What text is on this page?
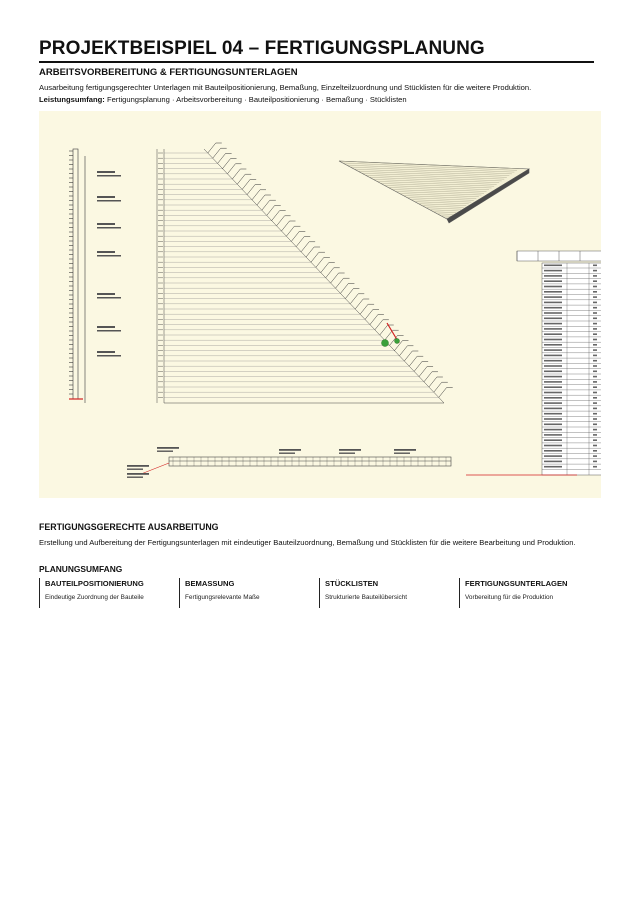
PROJEKTBEISPIEL 04 – FERTIGUNGSPLANUNG
ARBEITSVORBEREITUNG & FERTIGUNGSUNTERLAGEN
Ausarbeitung fertigungsgerechter Unterlagen mit Bauteilpositionierung, Bemaßung, Einzelteilzuordnung und Stücklisten für die weitere Produktion.
Leistungsumfang: Fertigungsplanung · Arbeitsvorbereitung · Bauteilpositionierung · Bemaßung · Stücklisten
FERTIGUNGSGERECHTE AUSARBEITUNG
Erstellung und Aufbereitung der Fertigungsunterlagen mit eindeutiger Bauteilzuordnung, Bemaßung und Stücklisten für die weitere Bearbeitung und Produktion.
PLANUNGSUMFANG
BAUTEILPOSITIONIERUNG
Eindeutige Zuordnung der Bauteile
BEMASSUNG
Fertigungsrelevante Maße
STÜCKLISTEN
Strukturierte Bauteilübersicht
FERTIGUNGSUNTERLAGEN
Vorbereitung für die Produktion
